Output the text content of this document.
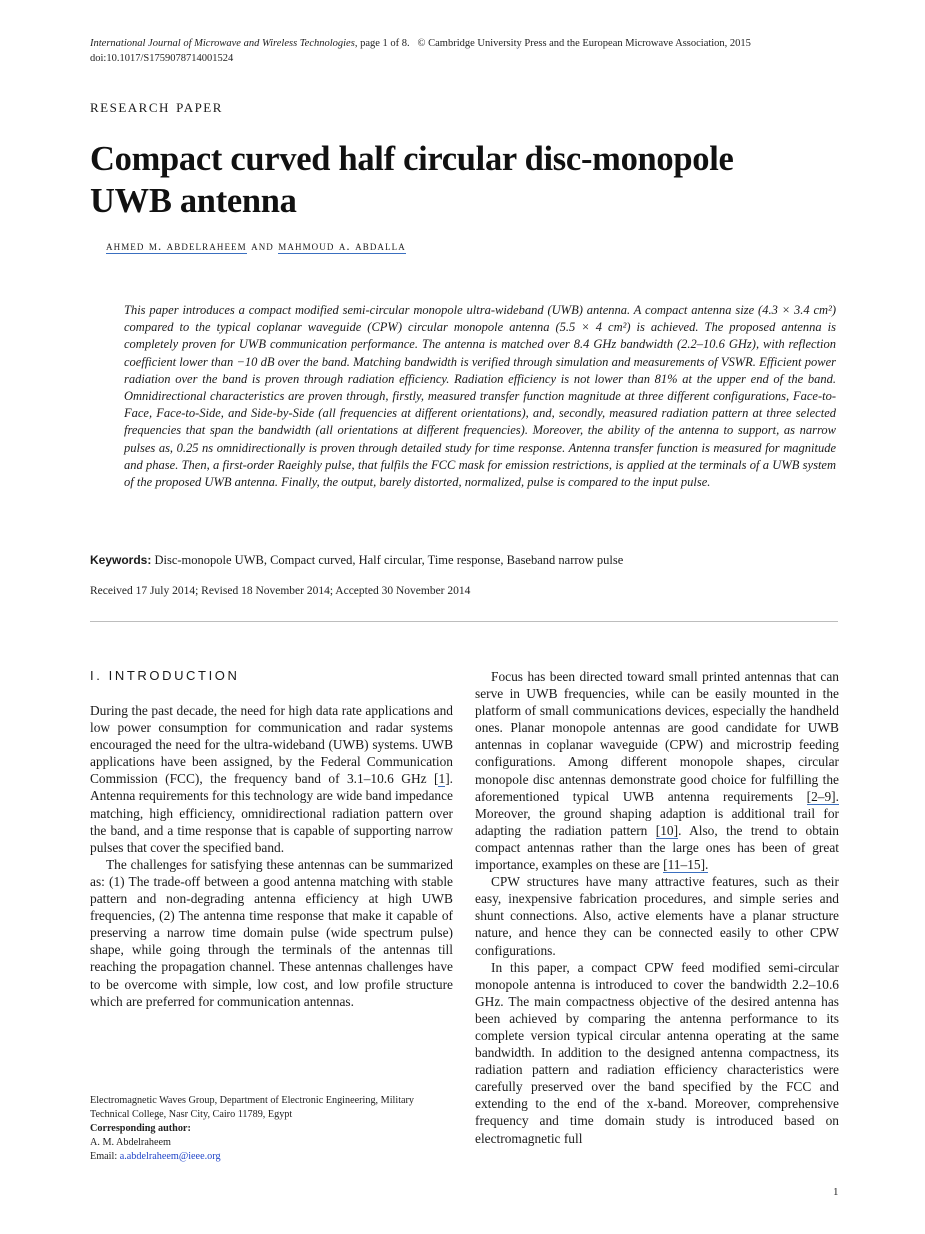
International Journal of Microwave and Wireless Technologies, page 1 of 8. © Cambridge University Press and the European Microwave Association, 2015
doi:10.1017/S1759078714001524
research paper
Compact curved half circular disc-monopole
UWB antenna
ahmed m. abdelraheem and mahmoud a. abdalla
This paper introduces a compact modified semi-circular monopole ultra-wideband (UWB) antenna. A compact antenna size (4.3 × 3.4 cm²) compared to the typical coplanar waveguide (CPW) circular monopole antenna (5.5 × 4 cm²) is achieved. The proposed antenna is completely proven for UWB communication performance. The antenna is matched over 8.4 GHz bandwidth (2.2–10.6 GHz), with reflection coefficient lower than −10 dB over the band. Matching bandwidth is verified through simulation and measurements of VSWR. Efficient power radiation over the band is proven through radiation efficiency. Radiation efficiency is not lower than 81% at the upper end of the band. Omnidirectional characteristics are proven through, firstly, measured transfer function magnitude at three different configurations, Face-to-Face, Face-to-Side, and Side-by-Side (all frequencies at different orientations), and, secondly, measured radiation pattern at three selected frequencies that span the bandwidth (all orientations at different frequencies). Moreover, the ability of the antenna to support, as narrow pulses as, 0.25 ns omnidirectionally is proven through detailed study for time response. Antenna transfer function is measured for magnitude and phase. Then, a first-order Raeighly pulse, that fulfils the FCC mask for emission restrictions, is applied at the terminals of a UWB system of the proposed UWB antenna. Finally, the output, barely distorted, normalized, pulse is compared to the input pulse.
Keywords: Disc-monopole UWB, Compact curved, Half circular, Time response, Baseband narrow pulse
Received 17 July 2014; Revised 18 November 2014; Accepted 30 November 2014
I. INTRODUCTION

During the past decade, the need for high data rate applications and low power consumption for communication and radar systems encouraged the need for the ultra-wideband (UWB) systems. UWB applications have been assigned, by the Federal Communication Commission (FCC), the frequency band of 3.1–10.6 GHz [1]. Antenna requirements for this technology are wide band impedance matching, high efficiency, omnidirectional radiation pattern over the band, and a time response that is capable of supporting narrow pulses that cover the specified band.

The challenges for satisfying these antennas can be summarized as: (1) The trade-off between a good antenna matching with stable pattern and non-degrading antenna efficiency at high UWB frequencies, (2) The antenna time response that make it capable of preserving a narrow time domain pulse (wide spectrum pulse) shape, while going through the terminals of the antennas till reaching the propagation channel. These antennas challenges have to be overcome with simple, low cost, and low profile structure which are preferred for communication antennas.

Electromagnetic Waves Group, Department of Electronic Engineering, Military Technical College, Nasr City, Cairo 11789, Egypt
Corresponding author:
A. M. Abdelraheem
Email: a.abdelraheem@ieee.org

Focus has been directed toward small printed antennas that can serve in UWB frequencies, while can be easily mounted in the platform of small communications devices, especially the handheld ones. Planar monopole antennas are good candidate for UWB antennas in coplanar waveguide (CPW) and microstrip feeding configurations. Among different monopole shapes, circular monopole disc antennas demonstrate good choice for fulfilling the aforementioned typical UWB antenna requirements [2–9]. Moreover, the ground shaping adaption is additional trail for adapting the radiation pattern [10]. Also, the trend to obtain compact antennas rather than the large ones has been of great importance, examples on these are [11–15].

CPW structures have many attractive features, such as their easy, inexpensive fabrication procedures, and simple series and shunt connections. Also, active elements have a planar structure nature, and hence they can be connected easily to other CPW configurations.

In this paper, a compact CPW feed modified semi-circular monopole antenna is introduced to cover the bandwidth 2.2–10.6 GHz. The main compactness objective of the desired antenna has been achieved by comparing the antenna performance to its complete version typical circular antenna operating at the same bandwidth. In addition to the designed antenna compactness, its radiation pattern and radiation efficiency characteristics were carefully preserved over the band specified by the FCC and extending to the end of the x-band. Moreover, comprehensive frequency and time domain study is introduced based on electromagnetic full

1
